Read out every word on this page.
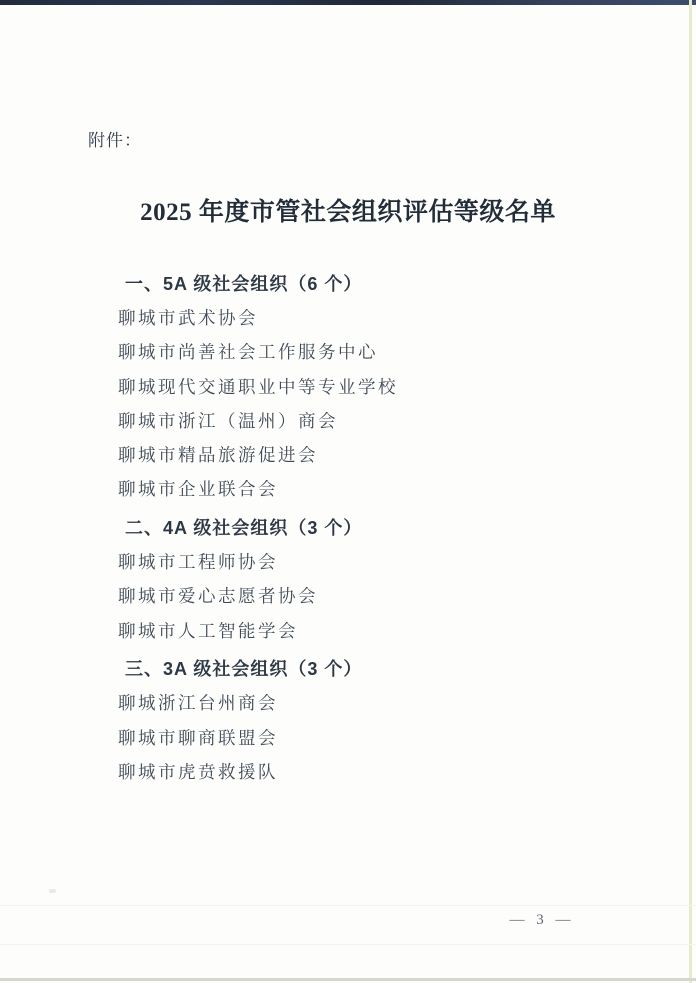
附件：
2025 年度市管社会组织评估等级名单
一、5A 级社会组织（6 个）
聊城市武术协会
聊城市尚善社会工作服务中心
聊城现代交通职业中等专业学校
聊城市浙江（温州）商会
聊城市精品旅游促进会
聊城市企业联合会
二、4A 级社会组织（3 个）
聊城市工程师协会
聊城市爱心志愿者协会
聊城市人工智能学会
三、3A 级社会组织（3 个）
聊城浙江台州商会
聊城市聊商联盟会
聊城市虎贲救援队
— 3 —
